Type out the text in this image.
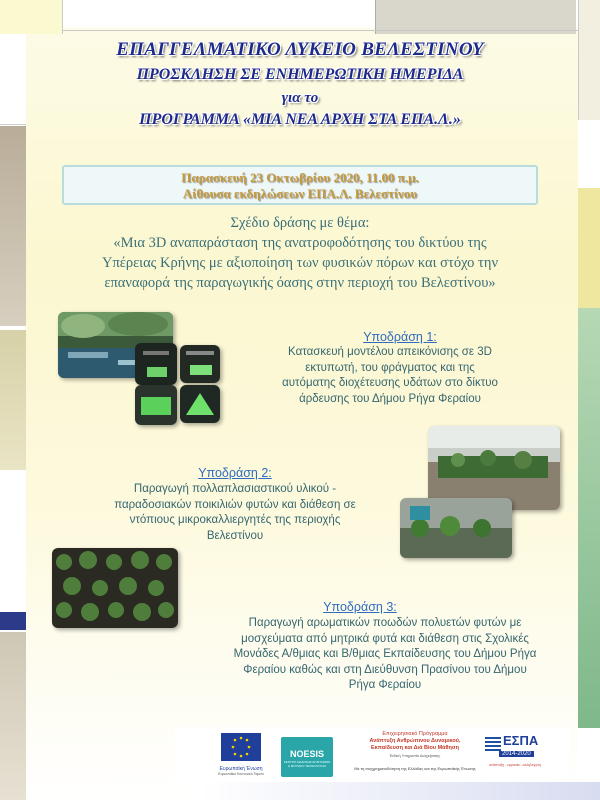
ΕΠΑΓΓΕΛΜΑΤΙΚΟ ΛΥΚΕΙΟ ΒΕΛΕΣΤΙΝΟΥ
ΠΡΟΣΚΛΗΣΗ ΣΕ ΕΝΗΜΕΡΩΤΙΚΗ ΗΜΕΡΙΔΑ
για το
ΠΡΟΓΡΑΜΜΑ «ΜΙΑ ΝΕΑ ΑΡΧΗ ΣΤΑ ΕΠΑ.Λ.»
Παρασκευή 23 Οκτωβρίου 2020, 11.00 π.μ.
Αίθουσα εκδηλώσεων ΕΠΑ.Λ. Βελεστίνου
Σχέδιο δράσης με θέμα:
«Μια 3D αναπαράσταση της ανατροφοδότησης του δικτύου της
Υπέρειας Κρήνης με αξιοποίηση των φυσικών πόρων και στόχο την
επαναφορά της παραγωγικής όασης στην περιοχή του Βελεστίνου»
Υποδράση 1:
Κατασκευή μοντέλου απεικόνισης σε 3D
εκτυπωτή, του φράγματος και της
αυτόματης διοχέτευσης υδάτων στο δίκτυο
άρδευσης του Δήμου Ρήγα Φεραίου
Υποδράση 2:
Παραγωγή πολλαπλασιαστικού υλικού -
παραδοσιακών ποικιλιών φυτών και διάθεση σε
ντόπιους μικροκαλλιεργητές της περιοχής
Βελεστίνου
Υποδράση 3:
Παραγωγή αρωματικών ποωδών πολυετών φυτών με
μοσχεύματα από μητρικά φυτά και διάθεση στις Σχολικές
Μονάδες Α/θμιας και Β/θμιας Εκπαίδευσης του Δήμου Ρήγα
Φεραίου καθώς και στη Διεύθυνση Πρασίνου του Δήμου
Ρήγα Φεραίου
Ευρωπαϊκή Ένωση
Ευρωπαϊκό Κοινωνικό Ταμείο
NOESIS
ΚΕΝΤΡΟ ΔΙΑΔΟΣΗΣ ΕΠΙΣΤΗΜΩΝ & ΜΟΥΣΕΙΟ ΤΕΧΝΟΛΟΓΙΑΣ
Επιχειρησιακό Πρόγραμμα
Ανάπτυξη Ανθρώπινου Δυναμικού,
Εκπαίδευση και Διά Βίου Μάθηση
Ειδική Υπηρεσία Διαχείρισης
Με τη συγχρηματοδότηση της Ελλάδας και της Ευρωπαϊκής Ένωσης
ΕΣΠΑ
2014-2020
ανάπτυξη - εργασία - αλληλεγγύη
